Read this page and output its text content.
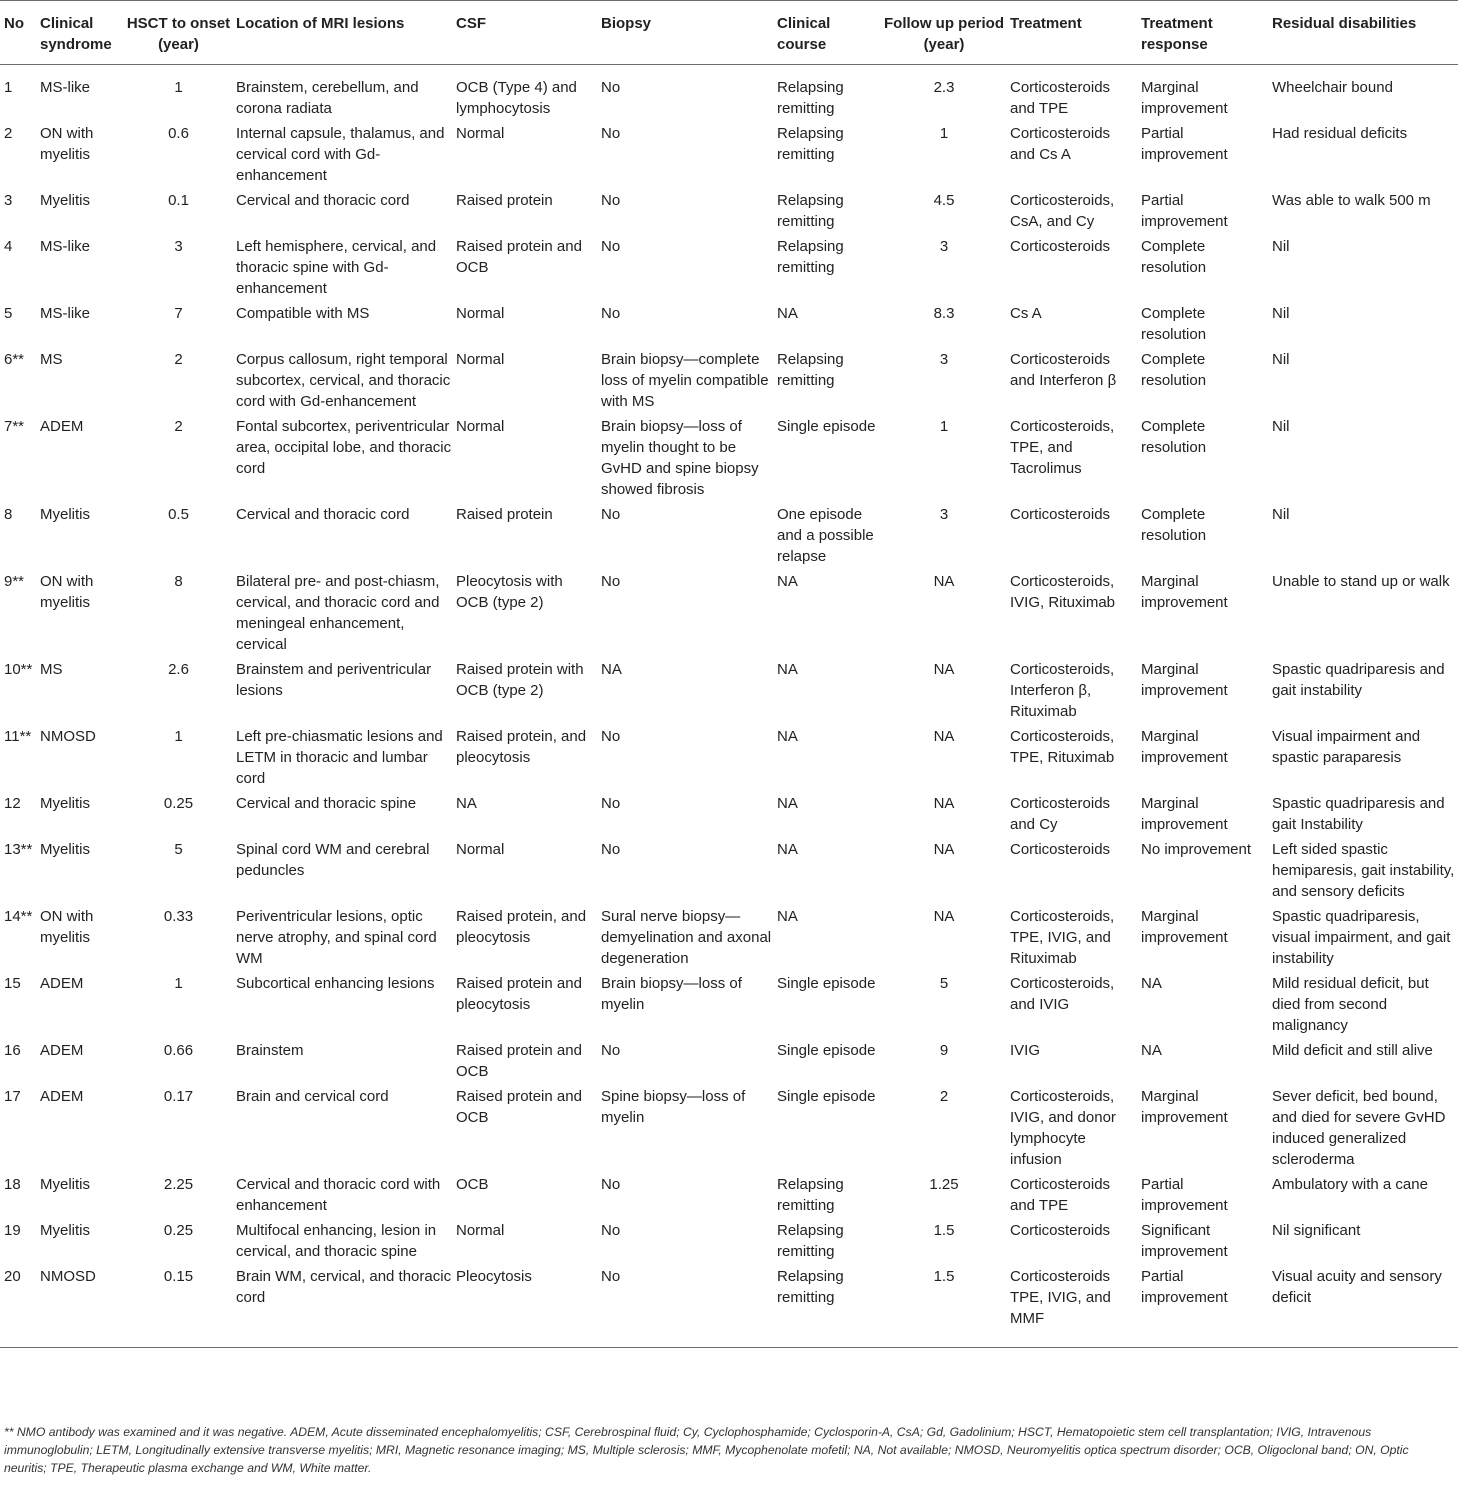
No	Clinical syndrome	HSCT to onset (year)	Location of MRI lesions	CSF	Biopsy	Clinical course	Follow up period (year)	Treatment	Treatment response	Residual disabilities
1	MS-like	1	Brainstem, cerebellum, and corona radiata	OCB (Type 4) and lymphocytosis	No	Relapsing remitting	2.3	Corticosteroids and TPE	Marginal improvement	Wheelchair bound
2	ON with myelitis	0.6	Internal capsule, thalamus, and cervical cord with Gd-enhancement	Normal	No	Relapsing remitting	1	Corticosteroids and Cs A	Partial improvement	Had residual deficits
3	Myelitis	0.1	Cervical and thoracic cord	Raised protein	No	Relapsing remitting	4.5	Corticosteroids, CsA, and Cy	Partial improvement	Was able to walk 500 m
4	MS-like	3	Left hemisphere, cervical, and thoracic spine with Gd-enhancement	Raised protein and OCB	No	Relapsing remitting	3	Corticosteroids	Complete resolution	Nil
5	MS-like	7	Compatible with MS	Normal	No	NA	8.3	Cs A	Complete resolution	Nil
6**	MS	2	Corpus callosum, right temporal subcortex, cervical, and thoracic cord with Gd-enhancement	Normal	Brain biopsy—complete loss of myelin compatible with MS	Relapsing remitting	3	Corticosteroids and Interferon β	Complete resolution	Nil
7**	ADEM	2	Fontal subcortex, periventricular area, occipital lobe, and thoracic cord	Normal	Brain biopsy—loss of myelin thought to be GvHD and spine biopsy showed fibrosis	Single episode	1	Corticosteroids, TPE, and Tacrolimus	Complete resolution	Nil
8	Myelitis	0.5	Cervical and thoracic cord	Raised protein	No	One episode and a possible relapse	3	Corticosteroids	Complete resolution	Nil
9**	ON with myelitis	8	Bilateral pre- and post-chiasm, cervical, and thoracic cord and meningeal enhancement, cervical	Pleocytosis with OCB (type 2)	No	NA	NA	Corticosteroids, IVIG, Rituximab	Marginal improvement	Unable to stand up or walk
10**	MS	2.6	Brainstem and periventricular lesions	Raised protein with OCB (type 2)	NA	NA	NA	Corticosteroids, Interferon β, Rituximab	Marginal improvement	Spastic quadriparesis and gait instability
11**	NMOSD	1	Left pre-chiasmatic lesions and LETM in thoracic and lumbar cord	Raised protein, and pleocytosis	No	NA	NA	Corticosteroids, TPE, Rituximab	Marginal improvement	Visual impairment and spastic paraparesis
12	Myelitis	0.25	Cervical and thoracic spine	NA	No	NA	NA	Corticosteroids and Cy	Marginal improvement	Spastic quadriparesis and gait Instability
13**	Myelitis	5	Spinal cord WM and cerebral peduncles	Normal	No	NA	NA	Corticosteroids	No improvement	Left sided spastic hemiparesis, gait instability, and sensory deficits
14**	ON with myelitis	0.33	Periventricular lesions, optic nerve atrophy, and spinal cord WM	Raised protein, and pleocytosis	Sural nerve biopsy—demyelination and axonal degeneration	NA	NA	Corticosteroids, TPE, IVIG, and Rituximab	Marginal improvement	Spastic quadriparesis, visual impairment, and gait instability
15	ADEM	1	Subcortical enhancing lesions	Raised protein and pleocytosis	Brain biopsy—loss of myelin	Single episode	5	Corticosteroids, and IVIG	NA	Mild residual deficit, but died from second malignancy
16	ADEM	0.66	Brainstem	Raised protein and OCB	No	Single episode	9	IVIG	NA	Mild deficit and still alive
17	ADEM	0.17	Brain and cervical cord	Raised protein and OCB	Spine biopsy—loss of myelin	Single episode	2	Corticosteroids, IVIG, and donor lymphocyte infusion	Marginal improvement	Sever deficit, bed bound, and died for severe GvHD induced generalized scleroderma
18	Myelitis	2.25	Cervical and thoracic cord with enhancement	OCB	No	Relapsing remitting	1.25	Corticosteroids and TPE	Partial improvement	Ambulatory with a cane
19	Myelitis	0.25	Multifocal enhancing, lesion in cervical, and thoracic spine	Normal	No	Relapsing remitting	1.5	Corticosteroids	Significant improvement	Nil significant
20	NMOSD	0.15	Brain WM, cervical, and thoracic cord	Pleocytosis	No	Relapsing remitting	1.5	Corticosteroids TPE, IVIG, and MMF	Partial improvement	Visual acuity and sensory deficit

** NMO antibody was examined and it was negative. ADEM, Acute disseminated encephalomyelitis; CSF, Cerebrospinal fluid; Cy, Cyclophosphamide; Cyclosporin-A, CsA; Gd, Gadolinium; HSCT, Hematopoietic stem cell transplantation; IVIG, Intravenous immunoglobulin; LETM, Longitudinally extensive transverse myelitis; MRI, Magnetic resonance imaging; MS, Multiple sclerosis; MMF, Mycophenolate mofetil; NA, Not available; NMOSD, Neuromyelitis optica spectrum disorder; OCB, Oligoclonal band; ON, Optic neuritis; TPE, Therapeutic plasma exchange and WM, White matter.
